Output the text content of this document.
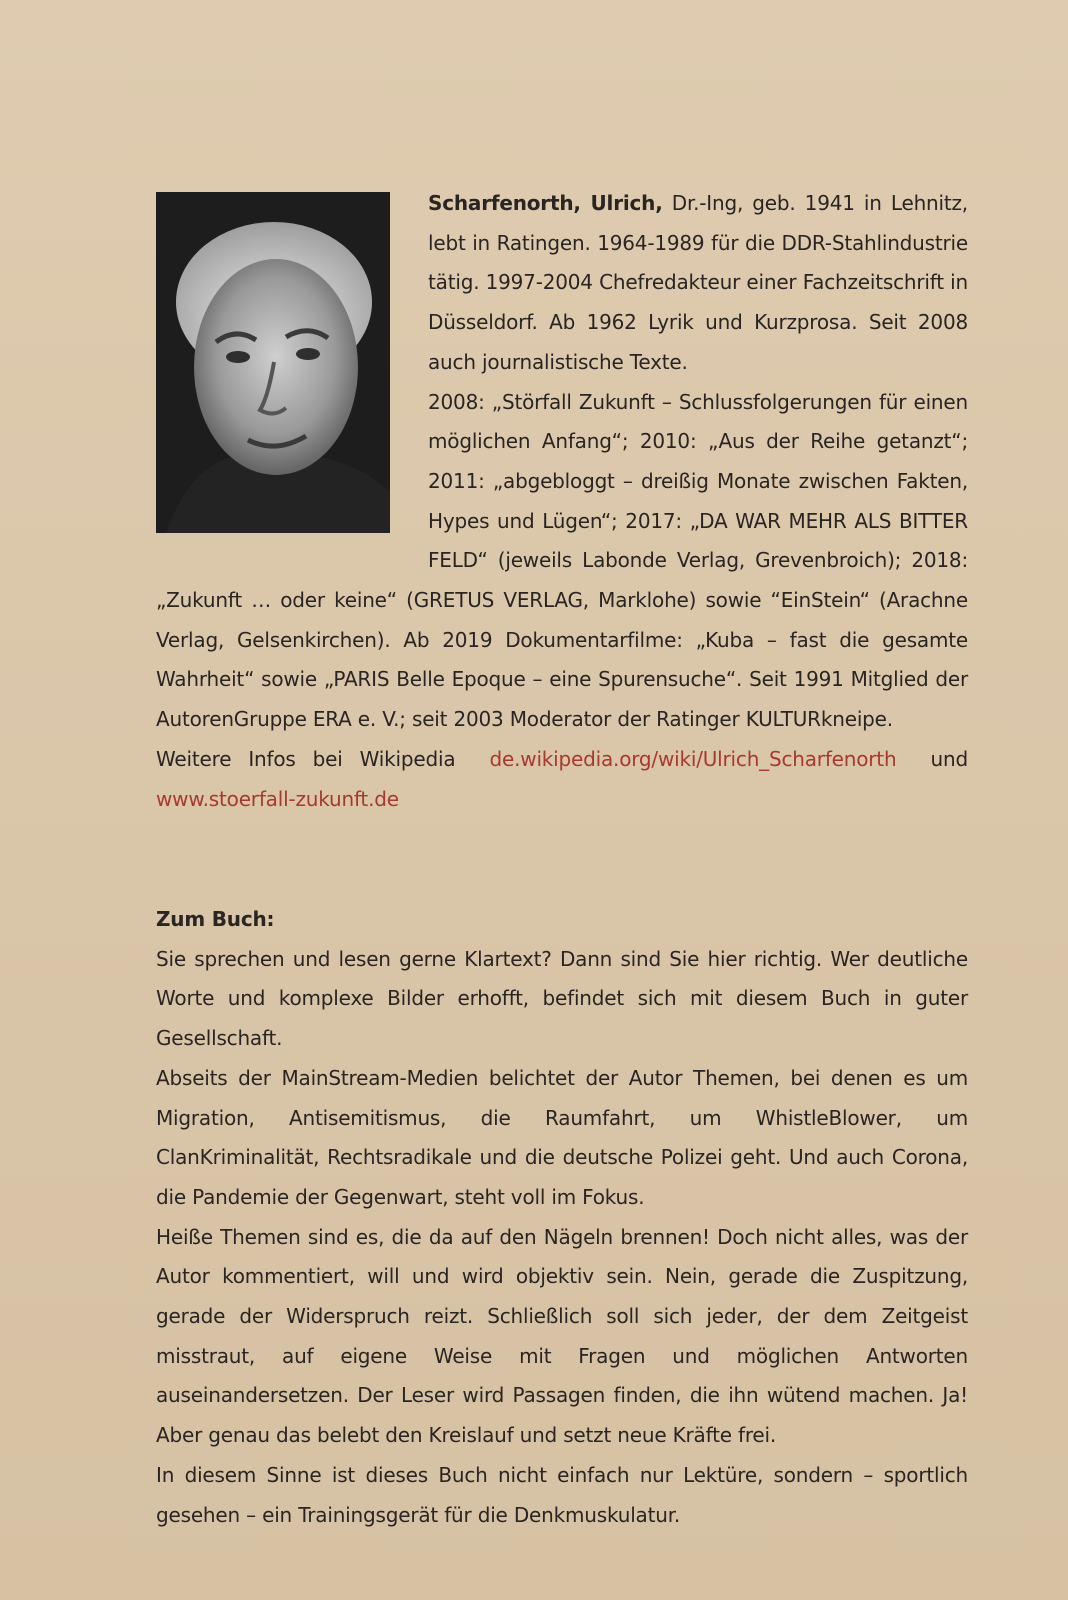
Scharfenorth, Ulrich, Dr.-Ing, geb. 1941 in Lehnitz, lebt in Ratingen. 1964-1989 für die DDR-Stahlindustrie tätig. 1997-2004 Chefredakteur einer Fachzeitschrift in Düsseldorf. Ab 1962 Lyrik und Kurzprosa. Seit 2008 auch journalistische Texte.

2008: „Störfall Zukunft – Schlussfolgerungen für einen möglichen Anfang“; 2010: „Aus der Reihe getanzt“; 2011: „abgebloggt – dreißig Monate zwischen Fakten, Hypes und Lügen“; 2017: „DA WAR MEHR ALS BITTER FELD“ (jeweils Labonde Verlag, Grevenbroich); 2018: „Zukunft … oder keine“ (GRETUS VERLAG, Marklohe) sowie “EinStein“ (Arachne Verlag, Gelsenkirchen). Ab 2019 Dokumentarfilme: „Kuba – fast die gesamte Wahrheit“ sowie „PARIS Belle Epoque – eine Spurensuche“. Seit 1991 Mitglied der AutorenGruppe ERA e. V.; seit 2003 Moderator der Ratinger KULTURkneipe.

Weitere Infos bei Wikipedia de.wikipedia.org/wiki/Ulrich_Scharfenorth und www.stoerfall-zukunft.de

Zum Buch:

Sie sprechen und lesen gerne Klartext? Dann sind Sie hier richtig. Wer deutliche Worte und komplexe Bilder erhofft, befindet sich mit diesem Buch in guter Gesellschaft.

Abseits der MainStream-Medien belichtet der Autor Themen, bei denen es um Migration, Antisemitismus, die Raumfahrt, um WhistleBlower, um ClanKriminalität, Rechtsradikale und die deutsche Polizei geht. Und auch Corona, die Pandemie der Gegenwart, steht voll im Fokus.

Heiße Themen sind es, die da auf den Nägeln brennen! Doch nicht alles, was der Autor kommentiert, will und wird objektiv sein. Nein, gerade die Zuspitzung, gerade der Widerspruch reizt. Schließlich soll sich jeder, der dem Zeitgeist misstraut, auf eigene Weise mit Fragen und möglichen Antworten auseinandersetzen. Der Leser wird Passagen finden, die ihn wütend machen. Ja! Aber genau das belebt den Kreislauf und setzt neue Kräfte frei.

In diesem Sinne ist dieses Buch nicht einfach nur Lektüre, sondern – sportlich gesehen – ein Trainingsgerät für die Denkmuskulatur.
